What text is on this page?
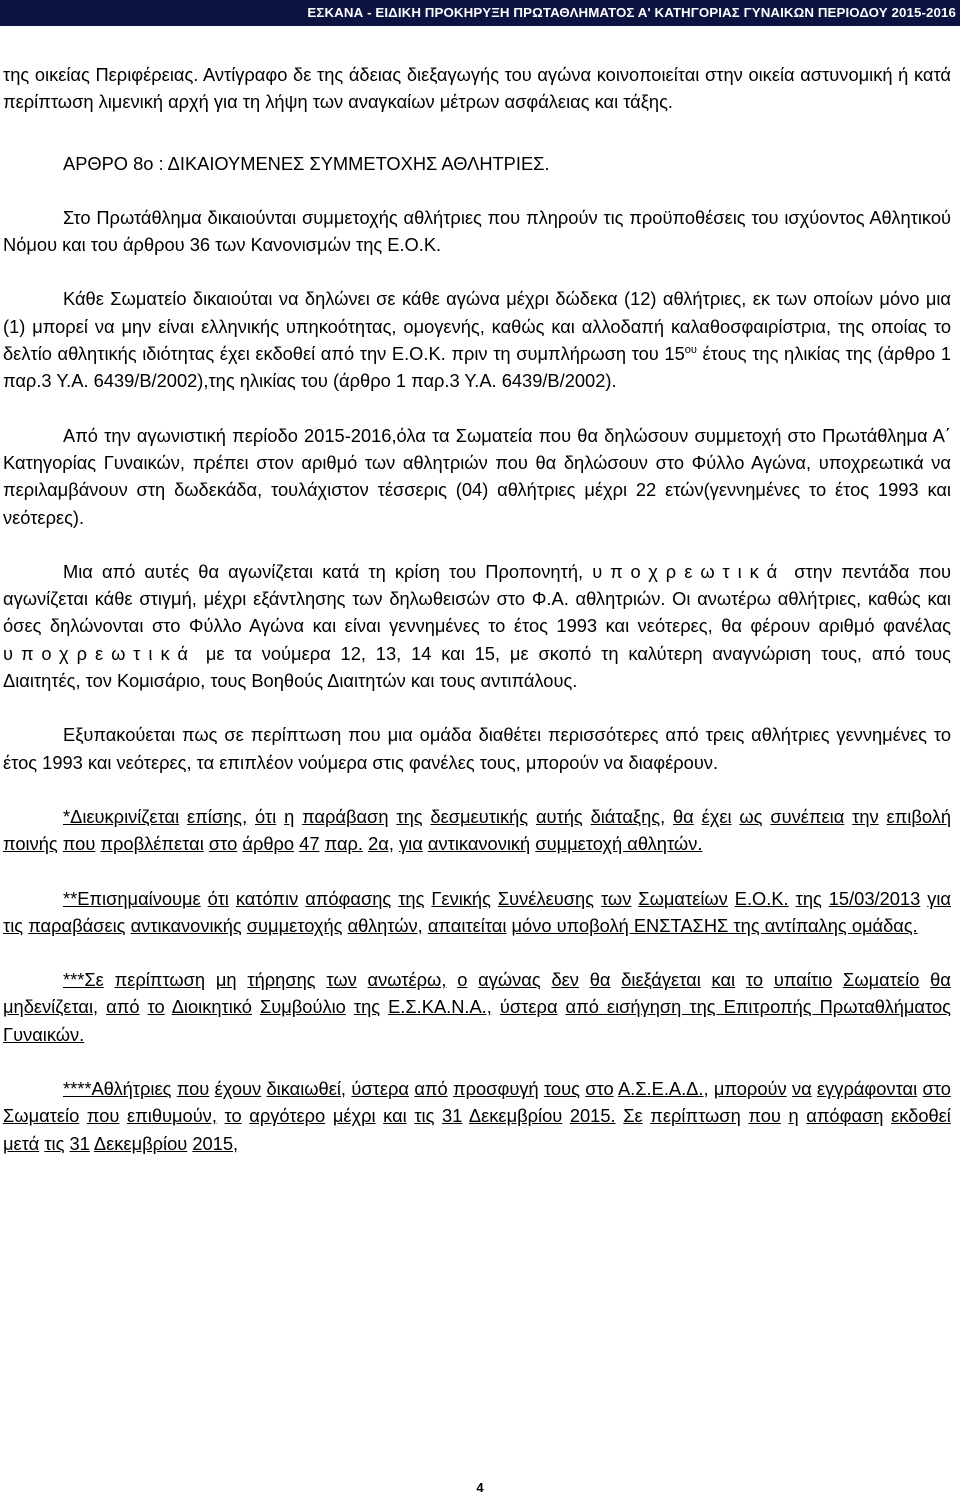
ΕΣΚΑΝΑ - ΕΙΔΙΚΗ ΠΡΟΚΗΡΥΞΗ ΠΡΩΤΑΘΛΗΜΑΤΟΣ Α' ΚΑΤΗΓΟΡΙΑΣ ΓΥΝΑΙΚΩΝ ΠΕΡΙΟΔΟΥ 2015-2016

της οικείας Περιφέρειας. Αντίγραφο δε της άδειας διεξαγωγής του αγώνα κοινοποιείται στην οικεία αστυνομική ή κατά περίπτωση λιμενική αρχή για τη λήψη των αναγκαίων μέτρων ασφάλειας και τάξης.

ΑΡΘΡΟ 8ο : ΔΙΚΑΙΟΥΜΕΝΕΣ ΣΥΜΜΕΤΟΧΗΣ ΑΘΛΗΤΡΙΕΣ.

Στο Πρωτάθλημα δικαιούνται συμμετοχής αθλήτριες που πληρούν τις προϋποθέσεις του ισχύοντος Αθλητικού Νόμου και του άρθρου 36 των Κανονισμών της Ε.Ο.Κ.

Κάθε Σωματείο δικαιούται να δηλώνει σε κάθε αγώνα μέχρι δώδεκα (12) αθλήτριες, εκ των οποίων μόνο μια (1) μπορεί να μην είναι ελληνικής υπηκοότητας, ομογενής, καθώς και αλλοδαπή καλαθοσφαιρίστρια, της οποίας το δελτίο αθλητικής ιδιότητας έχει εκδοθεί από την Ε.Ο.Κ. πριν τη συμπλήρωση του $15^{o\upsilon}$ έτους της ηλικίας της (άρθρο 1 παρ.3 Υ.Α. 6439/Β/2002),της ηλικίας του (άρθρο 1 παρ.3 Υ.Α. 6439/Β/2002).

Από την αγωνιστική περίοδο 2015-2016,όλα τα Σωματεία που θα δηλώσουν συμμετοχή στο Πρωτάθλημα Α΄ Κατηγορίας Γυναικών, πρέπει στον αριθμό των αθλητριών που θα δηλώσουν στο Φύλλο Αγώνα, υποχρεωτικά να περιλαμβάνουν στη δωδεκάδα, τουλάχιστον τέσσερις (04) αθλήτριες μέχρι 22 ετών(γεννημένες το έτος 1993 και νεότερες).

Μια από αυτές θα αγωνίζεται κατά τη κρίση του Προπονητή, υποχρεωτικά στην πεντάδα που αγωνίζεται κάθε στιγμή, μέχρι εξάντλησης των δηλωθεισών στο Φ.Α. αθλητριών. Οι ανωτέρω αθλήτριες, καθώς και όσες δηλώνονται στο Φύλλο Αγώνα και είναι γεννημένες το έτος 1993 και νεότερες, θα φέρουν αριθμό φανέλας υποχρεωτικά με τα νούμερα 12, 13, 14 και 15, με σκοπό τη καλύτερη αναγνώριση τους, από τους Διαιτητές, τον Κομισάριο, τους Βοηθούς Διαιτητών και τους αντιπάλους.

Εξυπακούεται πως σε περίπτωση που μια ομάδα διαθέτει περισσότερες από τρεις αθλήτριες γεννημένες το έτος 1993 και νεότερες, τα επιπλέον νούμερα στις φανέλες τους, μπορούν να διαφέρουν.

*Διευκρινίζεται επίσης, ότι η παράβαση της δεσμευτικής αυτής διάταξης, θα έχει ως συνέπεια την επιβολή ποινής που προβλέπεται στο άρθρο 47 παρ. 2α, για αντικανονική συμμετοχή αθλητών.

**Επισημαίνουμε ότι κατόπιν απόφασης της Γενικής Συνέλευσης των Σωματείων Ε.Ο.Κ. της 15/03/2013 για τις παραβάσεις αντικανονικής συμμετοχής αθλητών, απαιτείται μόνο υποβολή ΕΝΣΤΑΣΗΣ της αντίπαλης ομάδας.

***Σε περίπτωση μη τήρησης των ανωτέρω, ο αγώνας δεν θα διεξάγεται και το υπαίτιο Σωματείο θα μηδενίζεται, από το Διοικητικό Συμβούλιο της Ε.Σ.ΚΑ.Ν.Α., ύστερα από εισήγηση της Επιτροπής Πρωταθλήματος Γυναικών.

****Αθλήτριες που έχουν δικαιωθεί, ύστερα από προσφυγή τους στο Α.Σ.Ε.Α.Δ., μπορούν να εγγράφονται στο Σωματείο που επιθυμούν, το αργότερο μέχρι και τις 31 Δεκεμβρίου 2015. Σε περίπτωση που η απόφαση εκδοθεί μετά τις 31 Δεκεμβρίου 2015,

4
